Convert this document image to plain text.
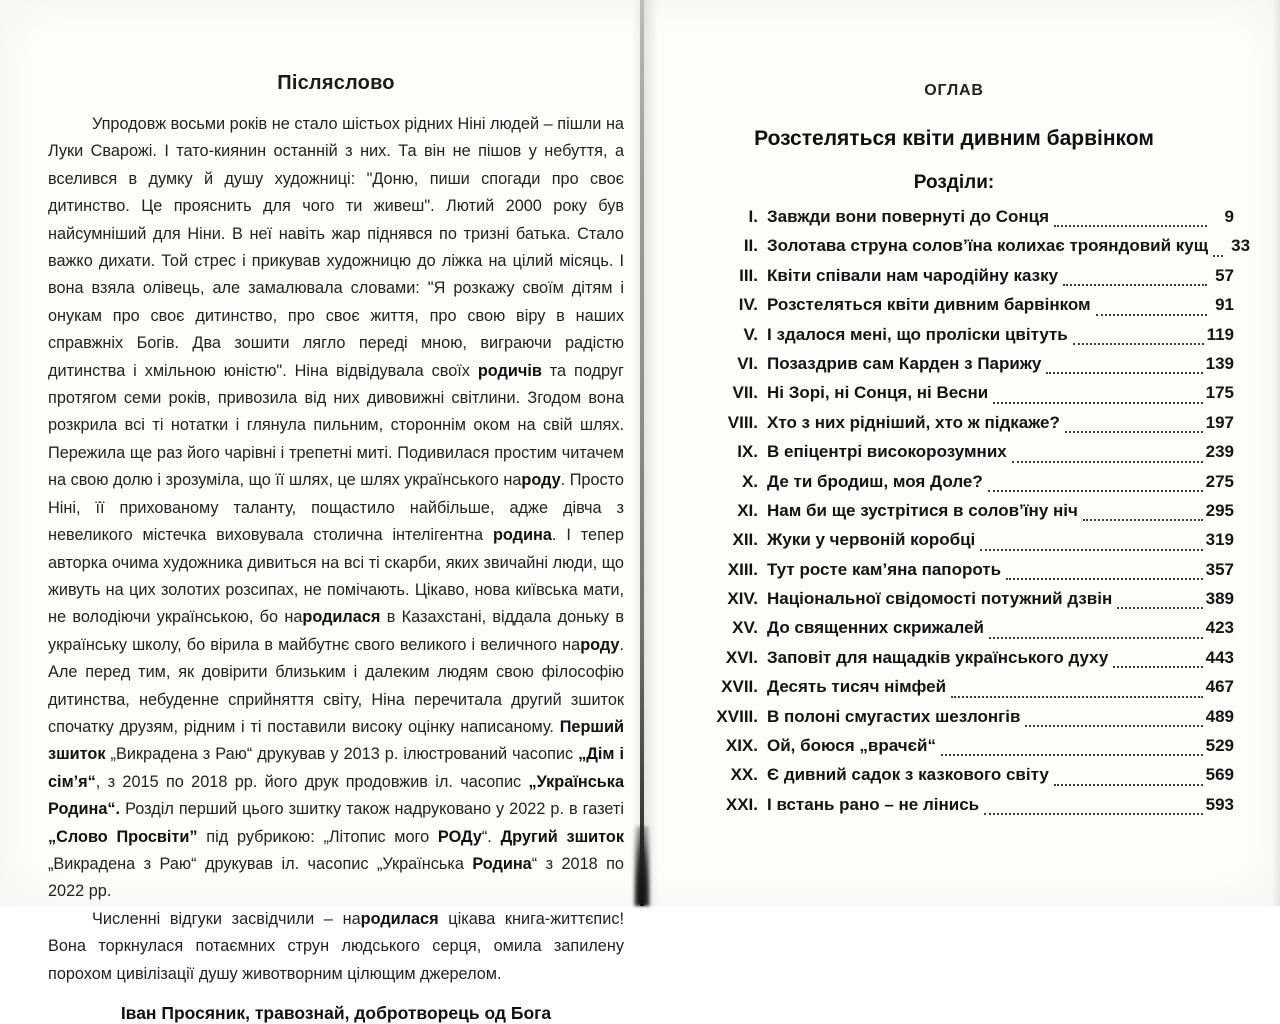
Післяслово

Упродовж восьми років не стало шістьох рідних Ніні людей – пішли на Луки Сварожі. І тато-киянин останній з них. Та він не пішов у небуття, а вселився в думку й душу художниці: "Доню, пиши спогади про своє дитинство. Це прояснить для чого ти живеш". Лютий 2000 року був найсумніший для Ніни. В неї навіть жар піднявся по тризні батька. Стало важко дихати. Той стрес і прикував художницю до ліжка на цілий місяць. І вона взяла олівець, але замалювала словами: "Я розкажу своїм дітям і онукам про своє дитинство, про своє життя, про свою віру в наших справжніх Богів. Два зошити лягло переді мною, виграючи радістю дитинства і хмільною юністю". Ніна відвідувала своїх родичів та подруг протягом семи років, привозила від них дивовижні світлини. Згодом вона розкрила всі ті нотатки і глянула пильним, стороннім оком на свій шлях. Пережила ще раз його чарівні і трепетні миті. Подивилася простим читачем на свою долю і зрозуміла, що її шлях, це шлях українського народу. Просто Ніні, її прихованому таланту, пощастило найбільше, адже дівча з невеликого містечка виховувала столична інтелігентна родина. І тепер авторка очима художника дивиться на всі ті скарби, яких звичайні люди, що живуть на цих золотих розсипах, не помічають. Цікаво, нова київська мати, не володіючи українською, бо народилася в Казахстані, віддала доньку в українську школу, бо вірила в майбутнє свого великого і величного народу. Але перед тим, як довірити близьким і далеким людям свою філософію дитинства, небуденне сприйняття світу, Ніна перечитала другий зшиток спочатку друзям, рідним і ті поставили високу оцінку написаному. Перший зшиток „Викрадена з Раю“ друкував у 2013 р. ілюстрований часопис „Дім і сім’я“, з 2015 по 2018 рр. його друк продовжив іл. часопис „Українська Родина“. Розділ перший цього зшитку також надруковано у 2022 р. в газеті „Слово Просвіти” під рубрикою: „Літопис мого РОДу“. Другий зшиток „Викрадена з Раю“ друкував іл. часопис „Українська Родина“ з 2018 по 2022 рр.

Численні відгуки засвідчили – народилася цікава книга-життєпис! Вона торкнулася потаємних струн людського серця, омила запилену порохом цивілізації душу животворним цілющим джерелом.

Іван Просяник, травознай, добротворець од Бога
ОГЛАВ
Розстеляться квіти дивним барвінком
Розділи:
I. Завжди вони повернуті до Сонця	9
II. Золотава струна солов’їна колихає трояндовий кущ 33
III. Квіти співали нам чародійну казку	57
IV. Розстеляться квіти дивним барвінком	91
V. І здалося мені, що проліски цвітуть	119
VI. Позаздрив сам Карден з Парижу	139
VII. Ні Зорі, ні Сонця, ні Весни	175
VIII. Хто з них рідніший, хто ж підкаже?	197
IX. В епіцентрі високорозумних	239
X. Де ти бродиш, моя Доле?	275
XI. Нам би ще зустрітися в солов’їну ніч	295
XII. Жуки у червоній коробці	319
XIII. Тут росте кам’яна папороть	357
XIV. Національної свідомості потужний дзвін	389
XV. До священних скрижалей	423
XVI. Заповіт для нащадків українського духу	443
XVII. Десять тисяч німфей	467
XVIII. В полоні смугастих шезлонгів	489
XIX. Ой, боюся „врачєй“	529
XX. Є дивний садок з казкового світу	569
XXI. І встань рано – не лінись	593
